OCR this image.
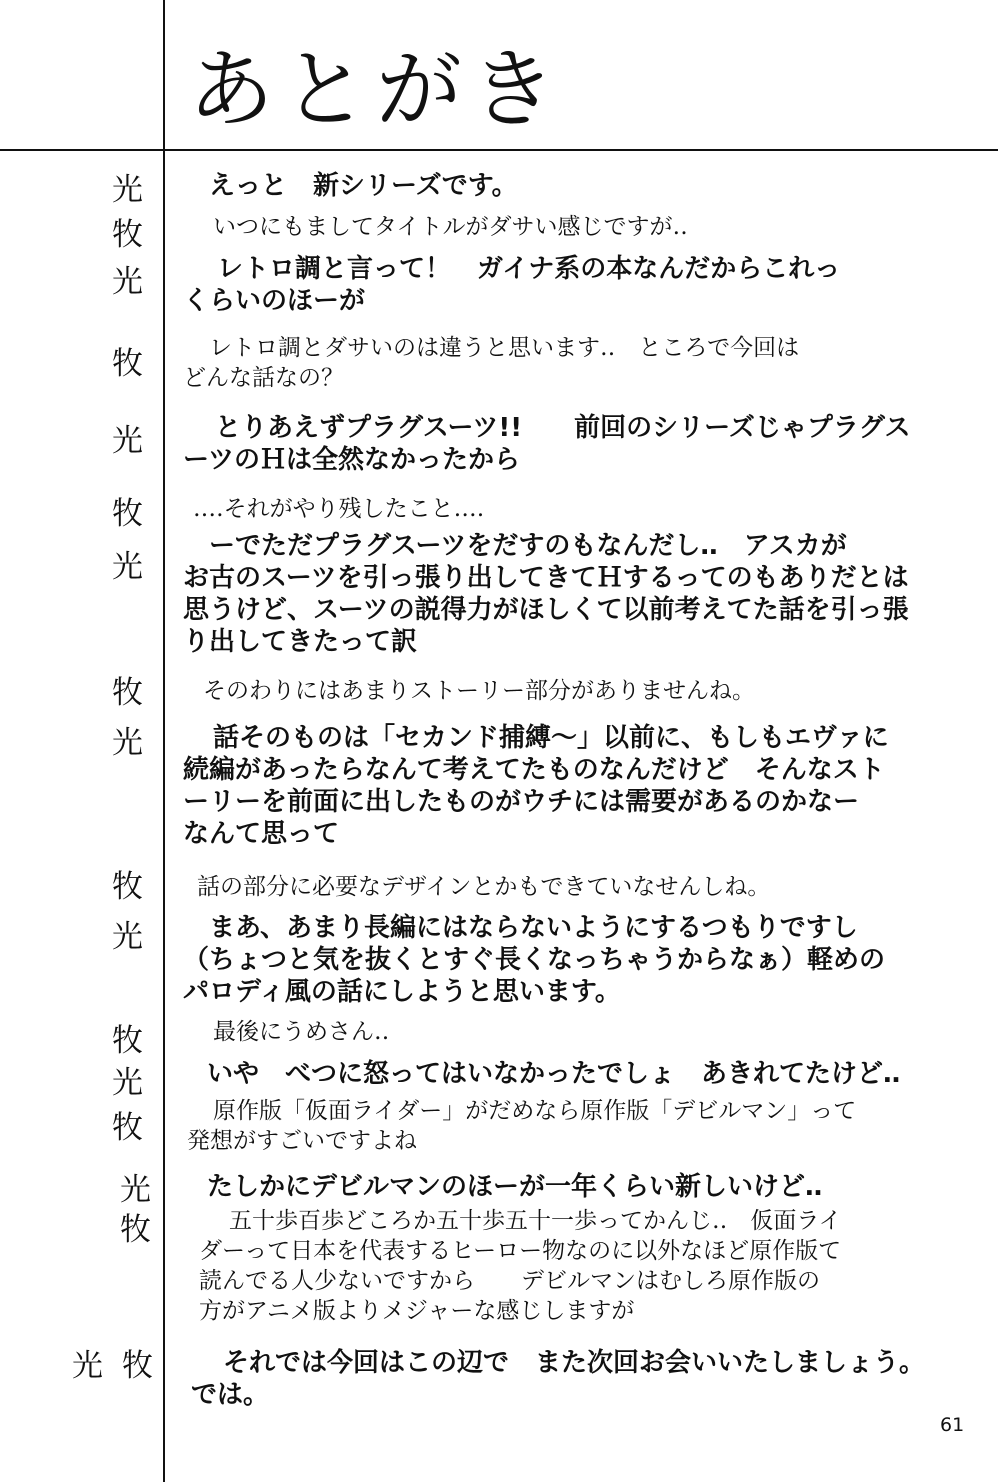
あとがき
光
牧
光
牧
光
牧
光
牧
光
牧
光
牧
光
牧
光
牧
光 牧
えっと　新シリーズです。
いつにもましてタイトルがダサい感じですが‥
レトロ調と言って！　ガイナ系の本なんだからこれっ
くらいのほーが
レトロ調とダサいのは違うと思います‥　ところで今回は
どんな話なの？
とりあえずプラグスーツ!!　　前回のシリーズじゃプラグス
ーツのＨは全然なかったから
‥‥それがやり残したこと‥‥
ーでただプラグスーツをだすのもなんだし‥　アスカが
お古のスーツを引っ張り出してきてＨするってのもありだとは
思うけど、スーツの説得力がほしくて以前考えてた話を引っ張
り出してきたって訳
そのわりにはあまりストーリー部分がありませんね。
話そのものは「セカンド捕縛～」以前に、もしもエヴァに
続編があったらなんて考えてたものなんだけど　そんなスト
ーリーを前面に出したものがウチには需要があるのかなー
なんて思って
話の部分に必要なデザインとかもできていなせんしね。
まあ、あまり長編にはならないようにするつもりですし
（ちょつと気を抜くとすぐ長くなっちゃうからなぁ）軽めの
パロディ風の話にしようと思います。
最後にうめさん‥
いや　べつに怒ってはいなかったでしょ　あきれてたけど‥
原作版「仮面ライダー」がだめなら原作版「デビルマン」って
発想がすごいですよね
たしかにデビルマンのほーが一年くらい新しいけど‥
五十歩百歩どころか五十歩五十一歩ってかんじ‥　仮面ライ
ダーって日本を代表するヒーロー物なのに以外なほど原作版て
読んでる人少ないですから　　デビルマンはむしろ原作版の
方がアニメ版よりメジャーな感じしますが
それでは今回はこの辺で　また次回お会いいたしましょう。
では。
61
